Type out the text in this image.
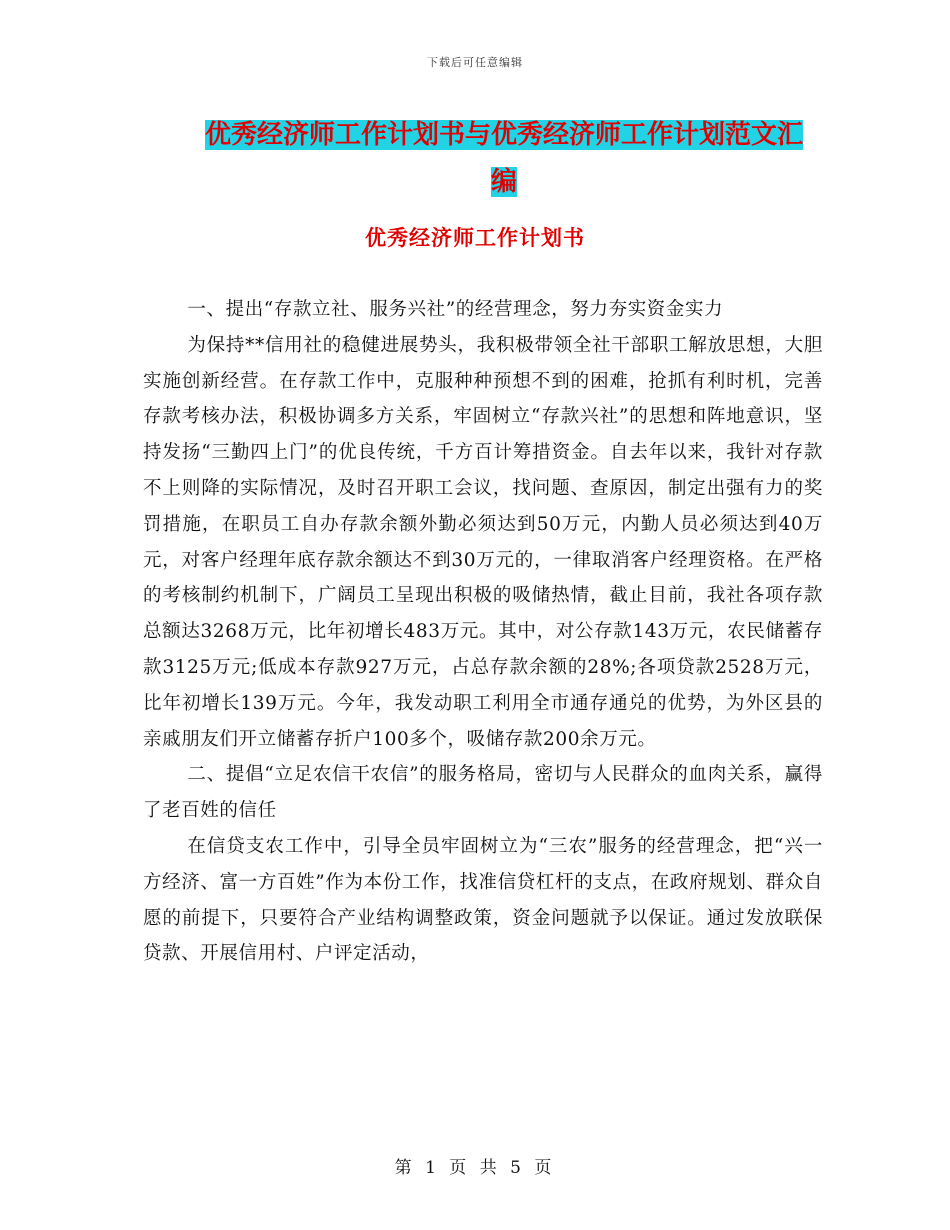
下载后可任意编辑
优秀经济师工作计划书与优秀经济师工作计划范文汇编
优秀经济师工作计划书

一、提出“存款立社、服务兴社”的经营理念，努力夯实资金实力

为保持**信用社的稳健进展势头，我积极带领全社干部职工解放思想，大胆实施创新经营。在存款工作中，克服种种预想不到的困难，抢抓有利时机，完善存款考核办法，积极协调多方关系，牢固树立“存款兴社”的思想和阵地意识，坚持发扬“三勤四上门”的优良传统，千方百计筹措资金。自去年以来，我针对存款不上则降的实际情况，及时召开职工会议，找问题、查原因，制定出强有力的奖罚措施，在职员工自办存款余额外勤必须达到50万元，内勤人员必须达到40万元，对客户经理年底存款余额达不到30万元的，一律取消客户经理资格。在严格的考核制约机制下，广阔员工呈现出积极的吸储热情，截止目前，我社各项存款总额达3268万元，比年初增长483万元。其中，对公存款143万元，农民储蓄存款3125万元;低成本存款927万元，占总存款余额的28%;各项贷款2528万元，比年初增长139万元。今年，我发动职工利用全市通存通兑的优势，为外区县的亲戚朋友们开立储蓄存折户100多个，吸储存款200余万元。

二、提倡“立足农信干农信”的服务格局，密切与人民群众的血肉关系，赢得了老百姓的信任

在信贷支农工作中，引导全员牢固树立为“三农”服务的经营理念，把“兴一方经济、富一方百姓”作为本份工作，找准信贷杠杆的支点，在政府规划、群众自愿的前提下，只要符合产业结构调整政策，资金问题就予以保证。通过发放联保贷款、开展信用村、户评定活动，

第 1 页 共 5 页
